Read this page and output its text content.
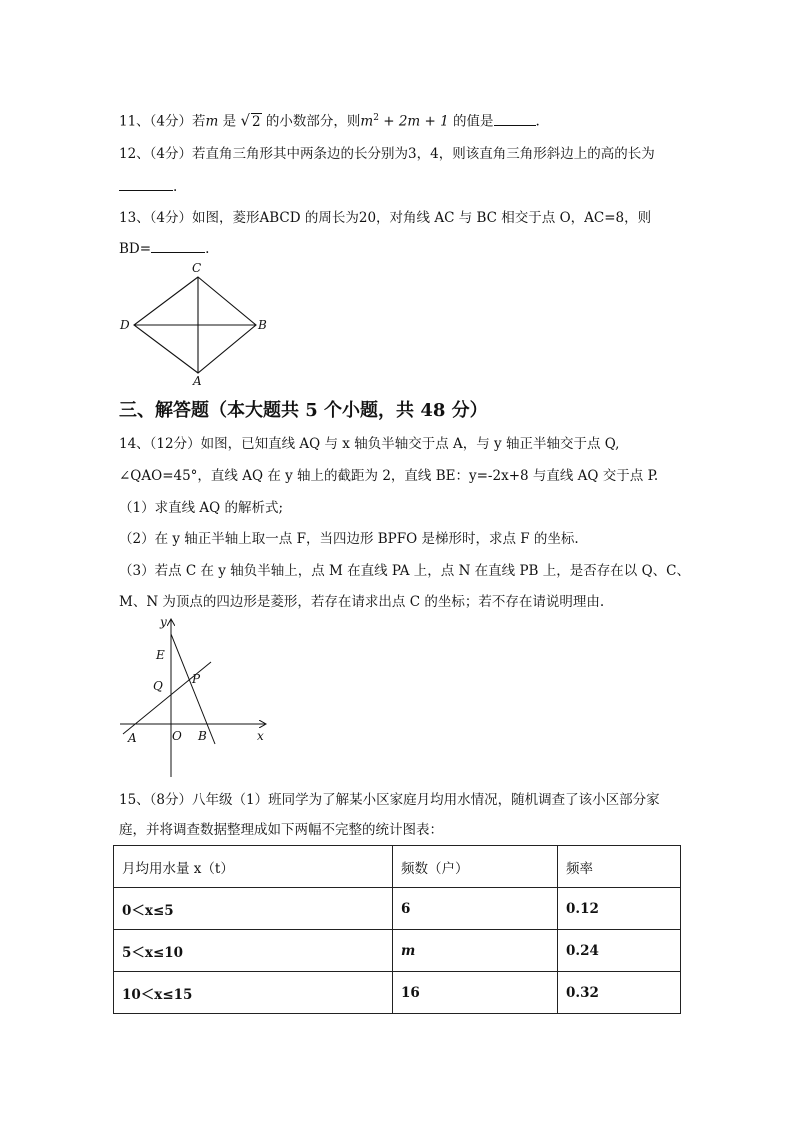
11、（4分）若m 是 √ 2 的小数部分，则$m^2 + 2m + 1$ 的值是	.
12、（4分）若直角三角形其中两条边的长分别为3，4，则该直角三角形斜边上的高的长为
.
13、（4分）如图，菱形ABCD 的周长为20，对角线 AC 与 BC 相交于点 O，AC=8，则
BD=	.
C
D	B
A
三、解答题（本大题共 5 个小题，共 48 分）
14、（12分）如图，已知直线 AQ 与 x 轴负半轴交于点 A，与 y 轴正半轴交于点 Q,
∠QAO=45°，直线 AQ 在 y 轴上的截距为 2，直线 BE：y=-2x+8 与直线 AQ 交于点 P.
（1）求直线 AQ 的解析式;
（2）在 y 轴正半轴上取一点 F，当四边形 BPFO 是梯形时，求点 F 的坐标.
（3）若点 C 在 y 轴负半轴上，点 M 在直线 PA 上，点 N 在直线 PB 上，是否存在以 Q、C、
M、N 为顶点的四边形是菱形，若存在请求出点 C 的坐标；若不存在请说明理由.
y
E
Q P
A	O B	x
15、（8分）八年级（1）班同学为了解某小区家庭月均用水情况，随机调查了该小区部分家
庭，并将调查数据整理成如下两幅不完整的统计图表：
月均用水量 x（t）	频数（户）	频率
0＜x≤5	6	0.12
5＜x≤10	m	0.24
10＜x≤15	16	0.32
